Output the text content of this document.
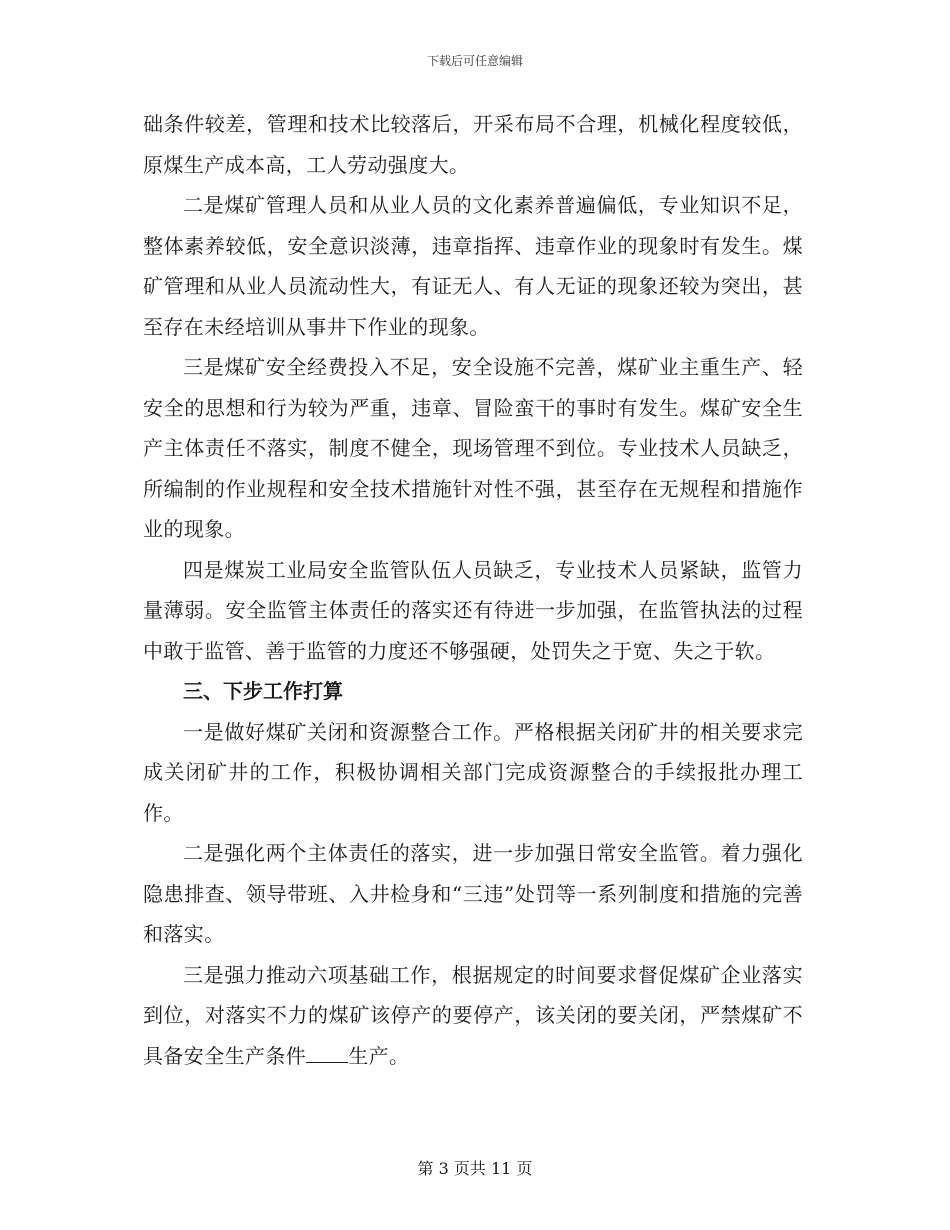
下载后可任意编辑

础条件较差，管理和技术比较落后，开采布局不合理，机械化程度较低，原煤生产成本高，工人劳动强度大。

二是煤矿管理人员和从业人员的文化素养普遍偏低，专业知识不足，整体素养较低，安全意识淡薄，违章指挥、违章作业的现象时有发生。煤矿管理和从业人员流动性大，有证无人、有人无证的现象还较为突出，甚至存在未经培训从事井下作业的现象。

三是煤矿安全经费投入不足，安全设施不完善，煤矿业主重生产、轻安全的思想和行为较为严重，违章、冒险蛮干的事时有发生。煤矿安全生产主体责任不落实，制度不健全，现场管理不到位。专业技术人员缺乏，所编制的作业规程和安全技术措施针对性不强，甚至存在无规程和措施作业的现象。

四是煤炭工业局安全监管队伍人员缺乏，专业技术人员紧缺，监管力量薄弱。安全监管主体责任的落实还有待进一步加强，在监管执法的过程中敢于监管、善于监管的力度还不够强硬，处罚失之于宽、失之于软。

三、下步工作打算

一是做好煤矿关闭和资源整合工作。严格根据关闭矿井的相关要求完成关闭矿井的工作，积极协调相关部门完成资源整合的手续报批办理工作。

二是强化两个主体责任的落实，进一步加强日常安全监管。着力强化隐患排查、领导带班、入井检身和“三违”处罚等一系列制度和措施的完善和落实。

三是强力推动六项基础工作，根据规定的时间要求督促煤矿企业落实到位，对落实不力的煤矿该停产的要停产，该关闭的要关闭，严禁煤矿不具备安全生产条件 生产。

第 3 页共 11 页
